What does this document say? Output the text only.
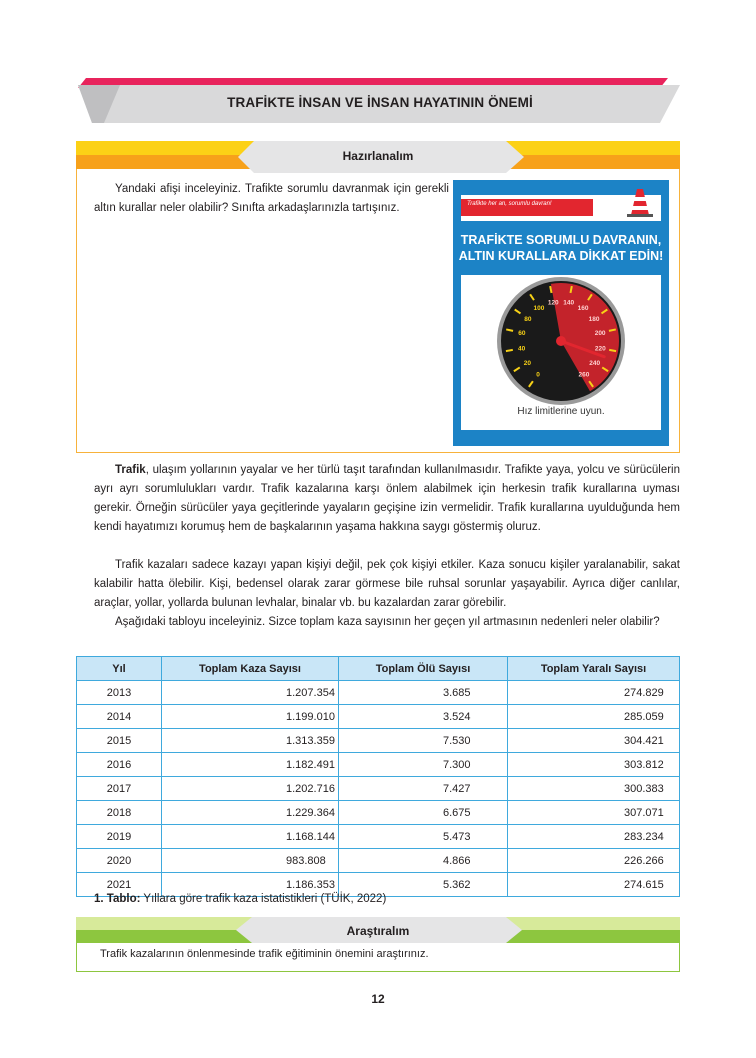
TRAFİKTE İNSAN VE İNSAN HAYATININ ÖNEMİ
Hazırlanalım
Yandaki afişi inceleyiniz. Trafikte sorumlu davranmak için gerekli altın kurallar neler olabilir? Sınıfta arkadaşlarınızla tartışınız.	Trafikte her an, sorumlu davran!
TRAFİKTE SORUMLU DAVRANIN,
ALTIN KURALLARA DİKKAT EDİN!
0
20
40
60
80
100
120 140
160
180
200
220
240
260
Hız limitlerine uyun.
Trafik, ulaşım yollarının yayalar ve her türlü taşıt tarafından kullanılmasıdır. Trafikte yaya, yolcu ve sürücülerin ayrı ayrı sorumlulukları vardır. Trafik kazalarına karşı önlem alabilmek için herkesin trafik kurallarına uyması gerekir. Örneğin sürücüler yaya geçitlerinde yayaların geçişine izin vermelidir. Trafik kurallarına uyulduğunda hem kendi hayatımızı korumuş hem de başkalarının yaşama hakkına saygı göstermiş oluruz.
Trafik kazaları sadece kazayı yapan kişiyi değil, pek çok kişiyi etkiler. Kaza sonucu kişiler yaralanabilir, sakat kalabilir hatta ölebilir. Kişi, bedensel olarak zarar görmese bile ruhsal sorunlar yaşayabilir. Ayrıca diğer canlılar, araçlar, yollar, yollarda bulunan levhalar, binalar vb. bu kazalardan zarar görebilir.
Aşağıdaki tabloyu inceleyiniz. Sizce toplam kaza sayısının her geçen yıl artmasının nedenleri neler olabilir?
Yıl	Toplam Kaza Sayısı	Toplam Ölü Sayısı	Toplam Yaralı Sayısı
2013	1.207.354	3.685	274.829
2014	1.199.010	3.524	285.059
2015	1.313.359	7.530	304.421
2016	1.182.491	7.300	303.812
2017	1.202.716	7.427	300.383
2018	1.229.364	6.675	307.071
2019	1.168.144	5.473	283.234
2020	983.808	4.866	226.266
2021	1.186.353	5.362	274.615
1. Tablo: Yıllara göre trafik kaza istatistikleri (TÜİK, 2022)
Araştıralım
Trafik kazalarının önlenmesinde trafik eğitiminin önemini araştırınız.
12
